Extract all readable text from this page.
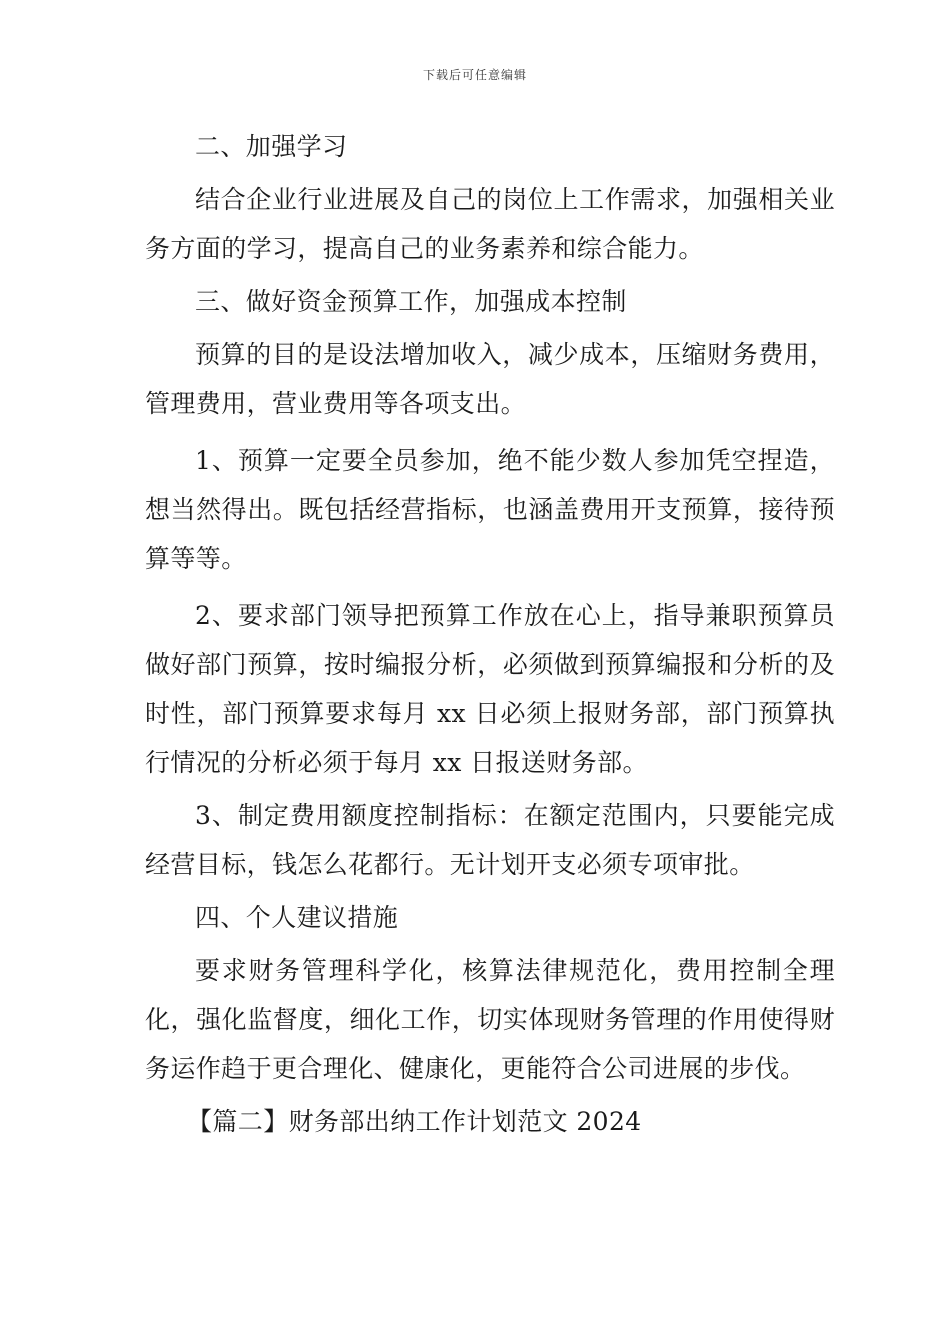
下载后可任意编辑

二、加强学习

结合企业行业进展及自己的岗位上工作需求，加强相关业务方面的学习，提高自己的业务素养和综合能力。

三、做好资金预算工作，加强成本控制

预算的目的是设法增加收入，减少成本，压缩财务费用，管理费用，营业费用等各项支出。

1、预算一定要全员参加，绝不能少数人参加凭空捏造，想当然得出。既包括经营指标，也涵盖费用开支预算，接待预算等等。

2、要求部门领导把预算工作放在心上，指导兼职预算员做好部门预算，按时编报分析，必须做到预算编报和分析的及时性，部门预算要求每月 xx 日必须上报财务部，部门预算执行情况的分析必须于每月 xx 日报送财务部。

3、制定费用额度控制指标：在额定范围内，只要能完成经营目标，钱怎么花都行。无计划开支必须专项审批。

四、个人建议措施

要求财务管理科学化，核算法律规范化，费用控制全理化，强化监督度，细化工作，切实体现财务管理的作用使得财务运作趋于更合理化、健康化，更能符合公司进展的步伐。

【篇二】财务部出纳工作计划范文 2024
